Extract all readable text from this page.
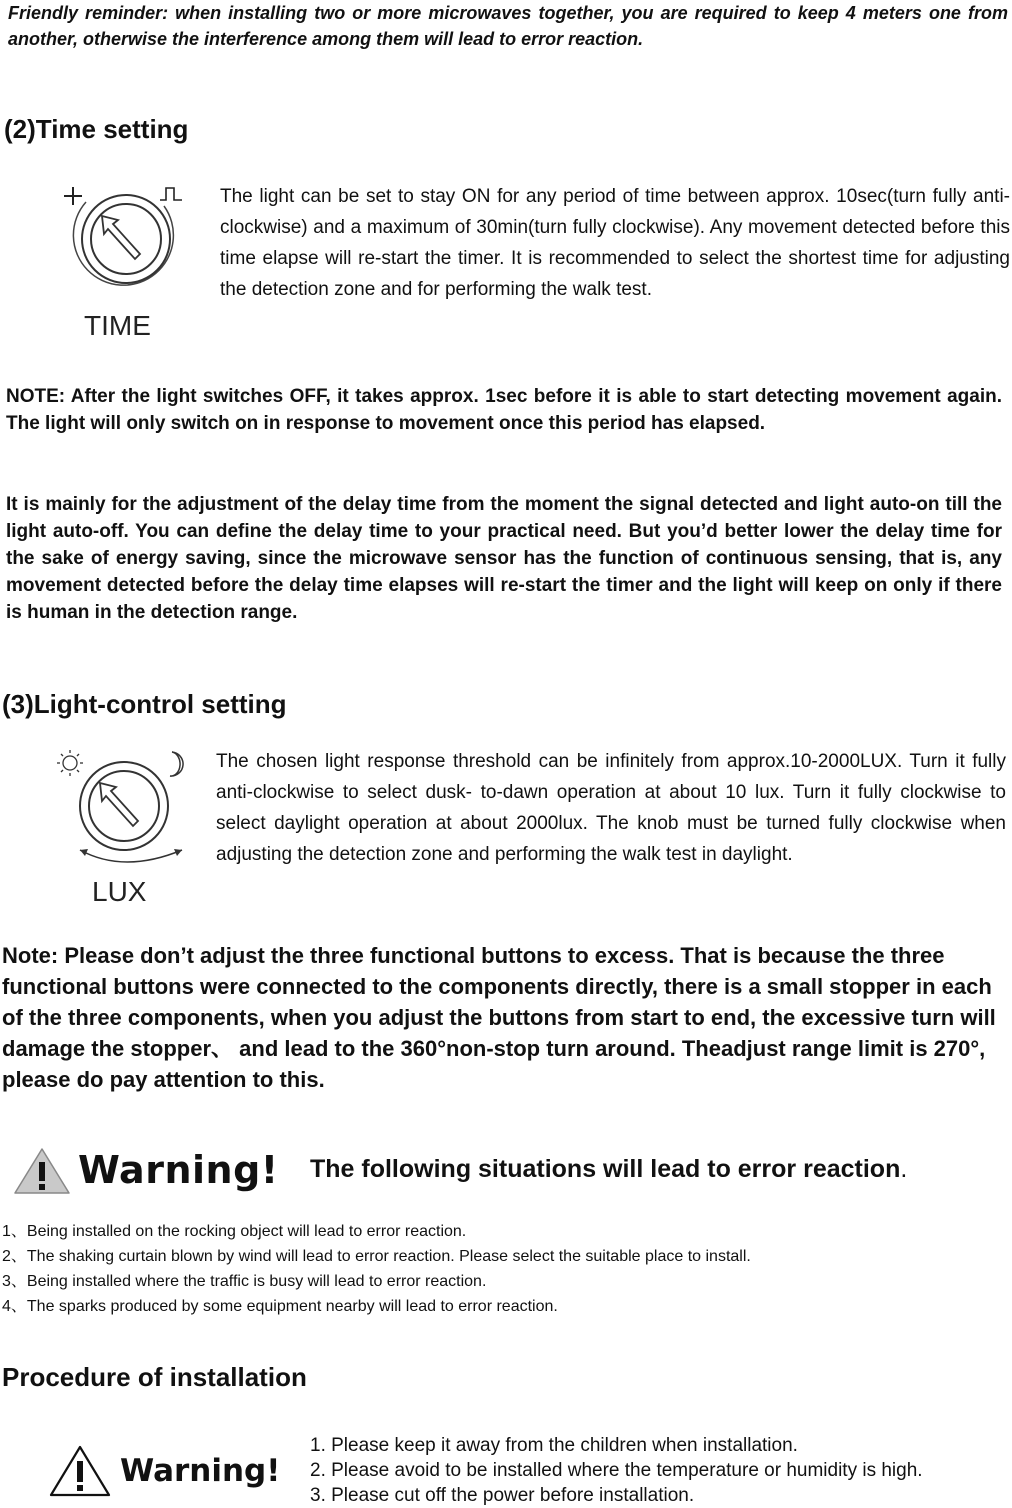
Friendly reminder: when installing two or more microwaves together, you are required to keep 4 meters one from another, otherwise the interference among them will lead to error reaction.
(2)Time setting
TIME
The light can be set to stay ON for any period of time between approx. 10sec(turn fully anti-clockwise) and a maximum of 30min(turn fully clockwise). Any movement detected before this time elapse will re-start the timer. It is recommended to select the shortest time for adjusting the detection zone and for performing the walk test.
NOTE: After the light switches OFF, it takes approx. 1sec before it is able to start detecting movement again. The light will only switch on in response to movement once this period has elapsed.
It is mainly for the adjustment of the delay time from the moment the signal detected and light auto-on till the light auto-off. You can define the delay time to your practical need. But you’d better lower the delay time for the sake of energy saving, since the microwave sensor has the function of continuous sensing, that is, any movement detected before the delay time elapses will re-start the timer and the light will keep on only if there is human in the detection range.
(3)Light-control setting
LUX
The chosen light response threshold can be infinitely from approx.10-2000LUX. Turn it fully anti-clockwise to select dusk- to-dawn operation at about 10 lux. Turn it fully clockwise to select daylight operation at about 2000lux. The knob must be turned fully clockwise when adjusting the detection zone and performing the walk test in daylight.
Note: Please don’t adjust the three functional buttons to excess. That is because the three functional buttons were connected to the components directly, there is a small stopper in each of the three components, when you adjust the buttons from start to end, the excessive turn will damage the stopper、 and lead to the 360°non-stop turn around. Theadjust range limit is 270°, please do pay attention to this.
Warning! The following situations will lead to error reaction.
1、Being installed on the rocking object will lead to error reaction.
2、The shaking curtain blown by wind will lead to error reaction. Please select the suitable place to install.
3、Being installed where the traffic is busy will lead to error reaction.
4、The sparks produced by some equipment nearby will lead to error reaction.
Procedure of installation
Warning!
1. Please keep it away from the children when installation.
2. Please avoid to be installed where the temperature or humidity is high.
3. Please cut off the power before installation.
